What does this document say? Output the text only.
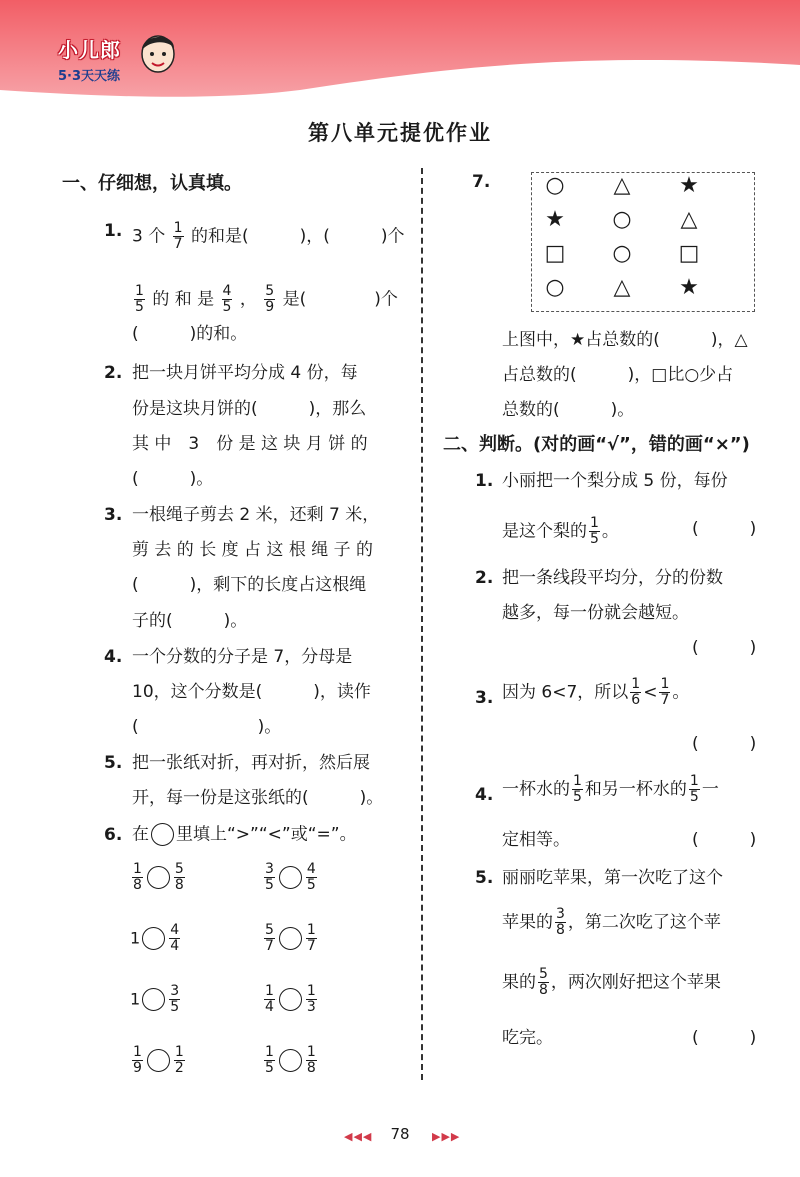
小儿郎
5·3天天练
第八单元提优作业
一、仔细想，认真填。
1. 3 个 $\frac{1}{7}$ 的和是(　　　)，(　　　)个
$\frac{1}{5}$ 的 和 是 $\frac{4}{5}$ ， $\frac{5}{9}$ 是(　　　　)个
(　　　)的和。
2. 把一块月饼平均分成 4 份，每
份是这块月饼的(　　　)，那么
其 中　3　份 是 这 块 月 饼 的
(　　　)。
3. 一根绳子剪去 2 米，还剩 7 米，
剪 去 的 长 度 占 这 根 绳 子 的
(　　　)，剩下的长度占这根绳
子的(　　　)。
4. 一个分数的分子是 7，分母是
10，这个分数是(　　　)，读作
(　　　　　　　)。
5. 把一张纸对折，再对折，然后展
开，每一份是这张纸的(　　　)。
6. 在 里填上“>”“<”或“=”。
$\frac{1}{8} \frac{5}{8}$	$\frac{3}{5} \frac{4}{5}$
$1 \frac{4}{4}$	$\frac{5}{7} \frac{1}{7}$
$1 \frac{3}{5}$	$\frac{1}{4} \frac{1}{3}$
$\frac{1}{9} \frac{1}{2}$	$\frac{1}{5} \frac{1}{8}$
7.	○ △ ★
★ ○ △
□ ○ □
○ △ ★
上图中，★占总数的(　　　)，△
占总数的(　　　)，□比○少占
总数的(　　　)。
二、判断。(对的画“√”，错的画“×”)
1. 小丽把一个梨分成 5 份，每份
是这个梨的 $\frac{1}{5}$ 。	(　　　)
2. 把一条线段平均分，分的份数
越多，每一份就会越短。
(　　　)
3. 因为 6<7，所以 $\frac{1}{6} < \frac{1}{7}$ 。
(　　　)
4. 一杯水的 $\frac{1}{5}$ 和另一杯水的 $\frac{1}{5}$ 一
定相等。	(　　　)
5. 丽丽吃苹果，第一次吃了这个
苹果的 $\frac{3}{8}$ ，第二次吃了这个苹
果的 $\frac{5}{8}$ ，两次刚好把这个苹果
吃完。	(　　　)
◀◀◀	78	▶▶▶
